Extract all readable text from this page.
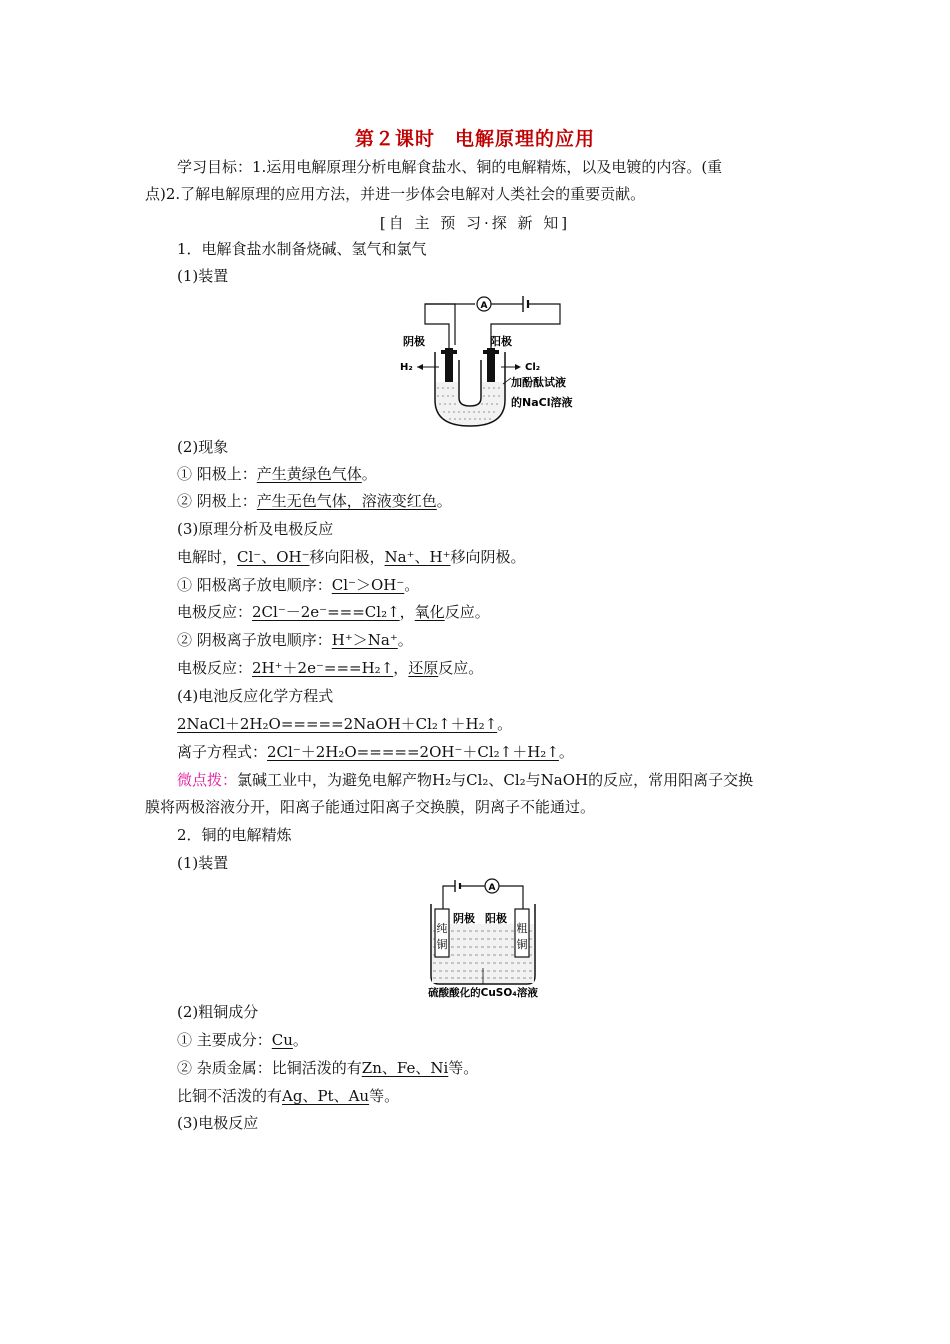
第２课时　电解原理的应用
学习目标：1.运用电解原理分析电解食盐水、铜的电解精炼，以及电镀的内容。(重
点)2.了解电解原理的应用方法，并进一步体会电解对人类社会的重要贡献。
[自 主 预 习·探 新 知]
1．电解食盐水制备烧碱、氢气和氯气
(1)装置
A
阴极	阳极
H₂	Cl₂
加酚酞试液
的NaCl溶液
(2)现象
① 阳极上：产生黄绿色气体。
② 阴极上：产生无色气体，溶液变红色。
(3)原理分析及电极反应
电解时，Cl⁻、OH⁻移向阳极，Na⁺、H⁺移向阴极。
① 阳极离子放电顺序：Cl⁻＞OH⁻。
电极反应：2Cl⁻－2e⁻===Cl₂↑，氧化反应。
② 阴极离子放电顺序：H⁺＞Na⁺。
电极反应：2H⁺＋2e⁻===H₂↑，还原反应。
(4)电池反应化学方程式
2NaCl＋2H₂O=====2NaOH＋Cl₂↑＋H₂↑。
离子方程式：2Cl⁻＋2H₂O=====2OH⁻＋Cl₂↑＋H₂↑。
微点拨：氯碱工业中，为避免电解产物H₂与Cl₂、Cl₂与NaOH的反应，常用阳离子交换
膜将两极溶液分开，阳离子能通过阳离子交换膜，阴离子不能通过。
2．铜的电解精炼
(1)装置
A
纯
铜
粗
铜
阴极 阳极
硫酸酸化的CuSO₄溶液
(2)粗铜成分
① 主要成分：Cu。
② 杂质金属：比铜活泼的有Zn、Fe、Ni等。
比铜不活泼的有Ag、Pt、Au等。
(3)电极反应
